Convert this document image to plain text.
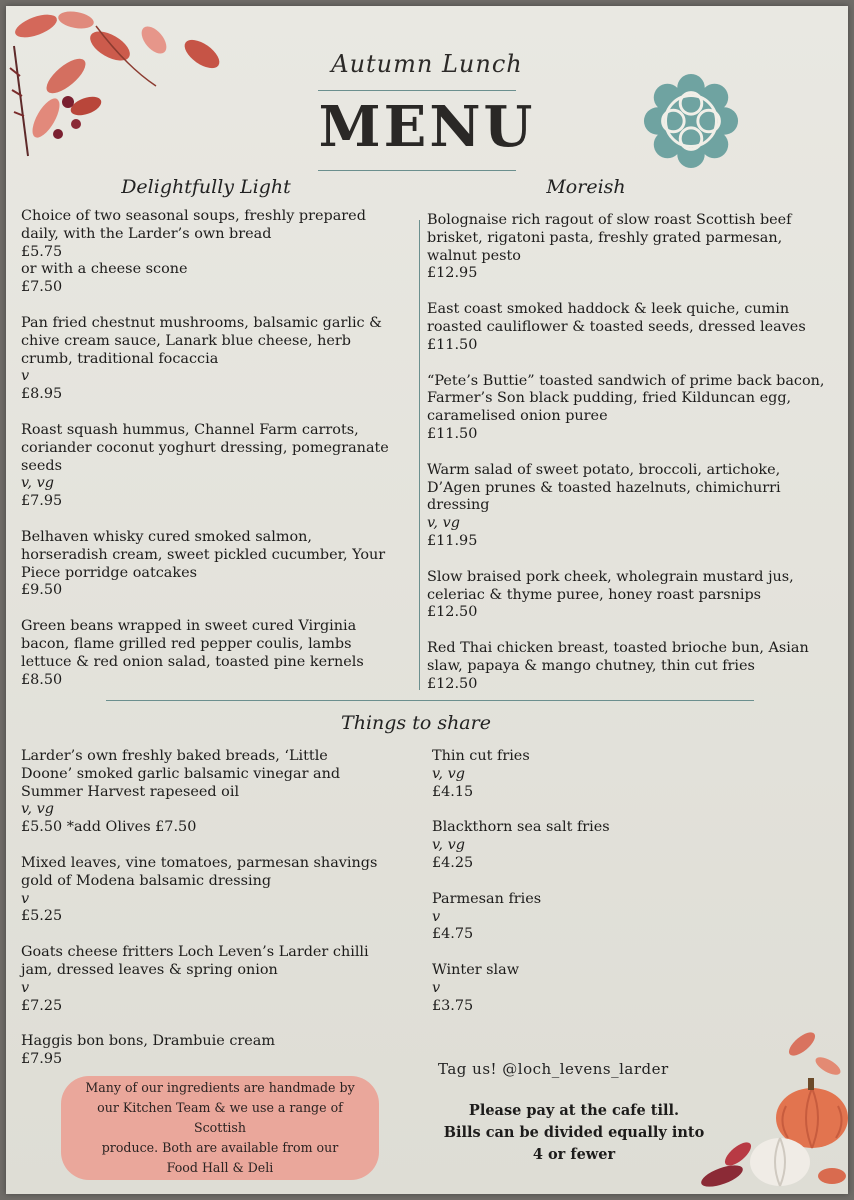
Autumn Lunch
MENU
Delightfully Light	Moreish
Choice of two seasonal soups, freshly prepared daily, with the Larder’s own bread
£5.75
or with a cheese scone
£7.50
Pan fried chestnut mushrooms, balsamic garlic & chive cream sauce, Lanark blue cheese, herb crumb, traditional focaccia
v
£8.95
Roast squash hummus, Channel Farm carrots, coriander coconut yoghurt dressing, pomegranate seeds
v, vg
£7.95
Belhaven whisky cured smoked salmon, horseradish cream, sweet pickled cucumber, Your Piece porridge oatcakes
£9.50
Green beans wrapped in sweet cured Virginia bacon, flame grilled red pepper coulis, lambs lettuce & red onion salad, toasted pine kernels
£8.50
Bolognaise rich ragout of slow roast Scottish beef brisket, rigatoni pasta, freshly grated parmesan, walnut pesto
£12.95
East coast smoked haddock & leek quiche, cumin roasted cauliflower & toasted seeds, dressed leaves
£11.50
“Pete’s Buttie” toasted sandwich of prime back bacon, Farmer’s Son black pudding, fried Kilduncan egg, caramelised onion puree
£11.50
Warm salad of sweet potato, broccoli, artichoke, D’Agen prunes & toasted hazelnuts, chimichurri dressing
v, vg
£11.95
Slow braised pork cheek, wholegrain mustard jus, celeriac & thyme puree, honey roast parsnips
£12.50
Red Thai chicken breast, toasted brioche bun, Asian slaw, papaya & mango chutney, thin cut fries
£12.50
Things to share
Larder’s own freshly baked breads, ‘Little Doone’ smoked garlic balsamic vinegar and Summer Harvest rapeseed oil
v, vg
£5.50 *add Olives £7.50
Mixed leaves, vine tomatoes, parmesan shavings gold of Modena balsamic dressing
v
£5.25
Goats cheese fritters Loch Leven’s Larder chilli jam, dressed leaves & spring onion
v
£7.25
Haggis bon bons, Drambuie cream
£7.95
Thin cut fries
v, vg
£4.15
Blackthorn sea salt fries
v, vg
£4.25
Parmesan fries
v
£4.75
Winter slaw
v
£3.75
Tag us! @loch_levens_larder
Please pay at the cafe till.
Bills can be divided equally into
4 or fewer
Many of our ingredients are handmade by
our Kitchen Team & we use a range of Scottish
produce. Both are available from our
Food Hall & Deli
